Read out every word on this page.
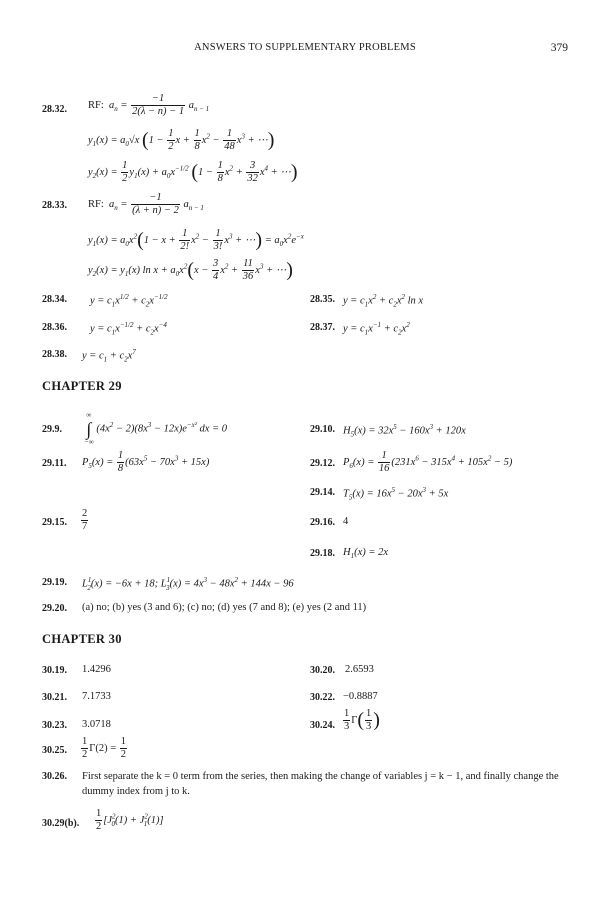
ANSWERS TO SUPPLEMENTARY PROBLEMS	379
28.32. RF:  $a_n = \frac{-1}{2(\lambda - n) - 1} a_{n - 1}$
$y_1(x) = a_0√x$ ($1 - \frac{1}{2}$ $x + \frac{1}{8} x^2 - \frac{1}{48} x^3$ + ⋯)
$y_2(x) = \frac{1}{2} y_1(x) + a_0x^{-1/2}$ ($1 - \frac{1}{8} x^2 + \frac{3}{32} x^4$ + ⋯)
28.33. RF:  $a_n = \frac{-1}{(\lambda + n) - 2} a_{n - 1}$
$y_1(x) = a_0x^2(1 - x + \frac{1}{2!} x^2 - \frac{1}{3!} x^3$ + ⋯) = $a_0x^2e^{-x}$
$y_2(x) = y_1(x)$ $\ln x + a_0x^2(x - \frac{3}{4} x^2 + \frac{11}{36} x^3$ + ⋯)
28.34. $y = c_1x^{1/2} + c_2x^{-1/2}$	28.35. $y = c_1x^2 + c_2x^2$ ln x
28.36. $y = c_1x^{-1/2} + c_2x^{-4}$	28.37. $y = c_1x^{-1} + c_2x^2$
28.38. $y = c_1 + c_2x^7$
CHAPTER 29
29.9.
∞
∫
−∞ $(4x^2 - 2)(8x^3 - 12x)e^{-x^2}$ dx = 0	29.10. $H_5(x) = 32x^5 - 160x^3 + 120x$
29.11. $P_5(x) = \frac{1}{8} (63x^5 - 70x^3 + 15x)$	29.12. $P_6(x) = \frac{1}{16} (231x^6 - 315x^4 + 105x^2 - 5)$
29.14. $T_5(x) = 16x^5 - 20x^3 + 5x$
29.15. $\frac{2}{7}$	29.16. 4
29.18. $H_1(x) = 2x$
29.19. $L^1_2(x) = -6x + 18$; $L^1_3(x) = 4x^3 - 48x^2 + 144x - 96$
29.20. (a) no; (b) yes (3 and 6); (c) no; (d) yes (7 and 8); (e) yes (2 and 11)
CHAPTER 30
30.19. 1.4296	30.20. 2.6593
30.21. 7.1733	30.22. −0.8887
30.23. 3.0718	30.24. $\frac{1}{3} \Gamma( \frac{1}{3}$ )
30.25. $\frac{1}{2} \Gamma(2) = \frac{1}{2}$
30.26. First separate the k = 0 term from the series, then making the change of variables j = k − 1, and finally change the dummy index from j to k.
30.29(b). $\frac{1}{2} [J^2_0(1) + J^2_1(1)]$
